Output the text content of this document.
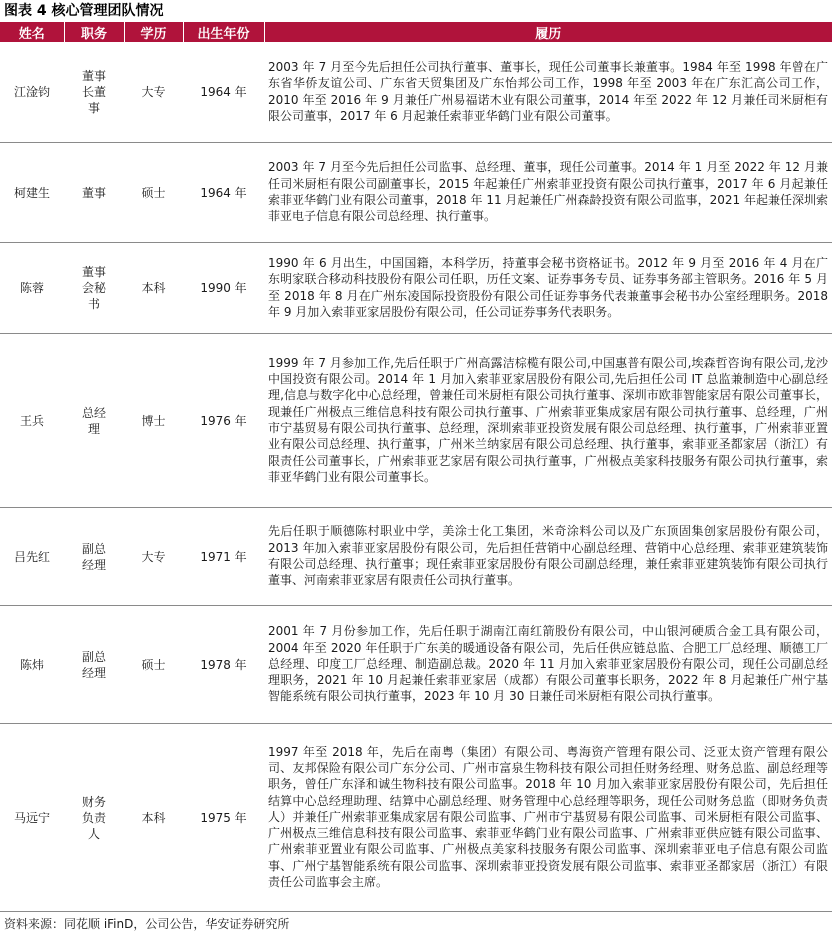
图表 4 核心管理团队情况
姓名	职务	学历	出生年份	履历
江淦钧	董事长董事	大专	1964 年	2003 年 7 月至今先后担任公司执行董事、董事长，现任公司董事长兼董事。1984 年至 1998 年曾在广东省华侨友谊公司、广东省天贸集团及广东怡邦公司工作，1998 年至 2003 年在广东汇高公司工作，2010 年至 2016 年 9 月兼任广州易福诺木业有限公司董事，2014 年至 2022 年 12 月兼任司米厨柜有限公司董事，2017 年 6 月起兼任索菲亚华鹤门业有限公司董事。
柯建生	董事	硕士	1964 年	2003 年 7 月至今先后担任公司监事、总经理、董事，现任公司董事。2014 年 1 月至 2022 年 12 月兼任司米厨柜有限公司副董事长，2015 年起兼任广州索菲亚投资有限公司执行董事，2017 年 6 月起兼任索菲亚华鹤门业有限公司董事，2018 年 11 月起兼任广州森龄投资有限公司监事，2021 年起兼任深圳索菲亚电子信息有限公司总经理、执行董事。
陈蓉	董事会秘书	本科	1990 年	1990 年 6 月出生，中国国籍，本科学历，持董事会秘书资格证书。2012 年 9 月至 2016 年 4 月在广东明家联合移动科技股份有限公司任职，历任文案、证券事务专员、证券事务部主管职务。2016 年 5 月至 2018 年 8 月在广州东凌国际投资股份有限公司任证券事务代表兼董事会秘书办公室经理职务。2018 年 9 月加入索菲亚家居股份有限公司，任公司证券事务代表职务。
王兵	总经理	博士	1976 年	1999 年 7 月参加工作,先后任职于广州高露洁棕榄有限公司,中国惠普有限公司,埃森哲咨询有限公司,龙沙中国投资有限公司。2014 年 1 月加入索菲亚家居股份有限公司,先后担任公司 IT 总监兼制造中心副总经理,信息与数字化中心总经理，曾兼任司米厨柜有限公司执行董事、深圳市欧菲智能家居有限公司董事长，现兼任广州极点三维信息科技有限公司执行董事、广州索菲亚集成家居有限公司执行董事、总经理，广州市宁基贸易有限公司执行董事、总经理，深圳索菲亚投资发展有限公司总经理、执行董事，广州索菲亚置业有限公司总经理、执行董事，广州米兰纳家居有限公司总经理、执行董事，索菲亚圣都家居（浙江）有限责任公司董事长，广州索菲亚艺家居有限公司执行董事，广州极点美家科技服务有限公司执行董事，索菲亚华鹤门业有限公司董事长。
吕先红	副总经理	大专	1971 年	先后任职于顺德陈村职业中学，美涂士化工集团，米奇涂料公司以及广东顶固集创家居股份有限公司，2013 年加入索菲亚家居股份有限公司，先后担任营销中心副总经理、营销中心总经理、索菲亚建筑装饰有限公司总经理、执行董事；现任索菲亚家居股份有限公司副总经理，兼任索菲亚建筑装饰有限公司执行董事、河南索菲亚家居有限责任公司执行董事。
陈炜	副总经理	硕士	1978 年	2001 年 7 月份参加工作，先后任职于湖南江南红箭股份有限公司，中山银河硬质合金工具有限公司，2004 年至 2020 年任职于广东美的暖通设备有限公司，先后任供应链总监、合肥工厂总经理、顺德工厂总经理、印度工厂总经理、制造副总裁。2020 年 11 月加入索菲亚家居股份有限公司，现任公司副总经理职务，2021 年 10 月起兼任索菲亚家居（成都）有限公司董事长职务，2022 年 8 月起兼任广州宁基智能系统有限公司执行董事，2023 年 10 月 30 日兼任司米厨柜有限公司执行董事。
马远宁	财务负责人	本科	1975 年	1997 年至 2018 年，先后在南粤（集团）有限公司、粤海资产管理有限公司、泛亚太资产管理有限公司、友邦保险有限公司广东分公司、广州市富泉生物科技有限公司担任财务经理、财务总监、副总经理等职务，曾任广东泽和诚生物科技有限公司监事。2018 年 10 月加入索菲亚家居股份有限公司，先后担任结算中心总经理助理、结算中心副总经理、财务管理中心总经理等职务，现任公司财务总监（即财务负责人）并兼任广州索菲亚集成家居有限公司监事、广州市宁基贸易有限公司监事、司米厨柜有限公司监事、广州极点三维信息科技有限公司监事、索菲亚华鹤门业有限公司监事、广州索菲亚供应链有限公司监事、广州索菲亚置业有限公司监事、广州极点美家科技服务有限公司监事、深圳索菲亚电子信息有限公司监事、广州宁基智能系统有限公司监事、深圳索菲亚投资发展有限公司监事、索菲亚圣都家居（浙江）有限责任公司监事会主席。
资料来源：同花顺 iFinD，公司公告，华安证券研究所
